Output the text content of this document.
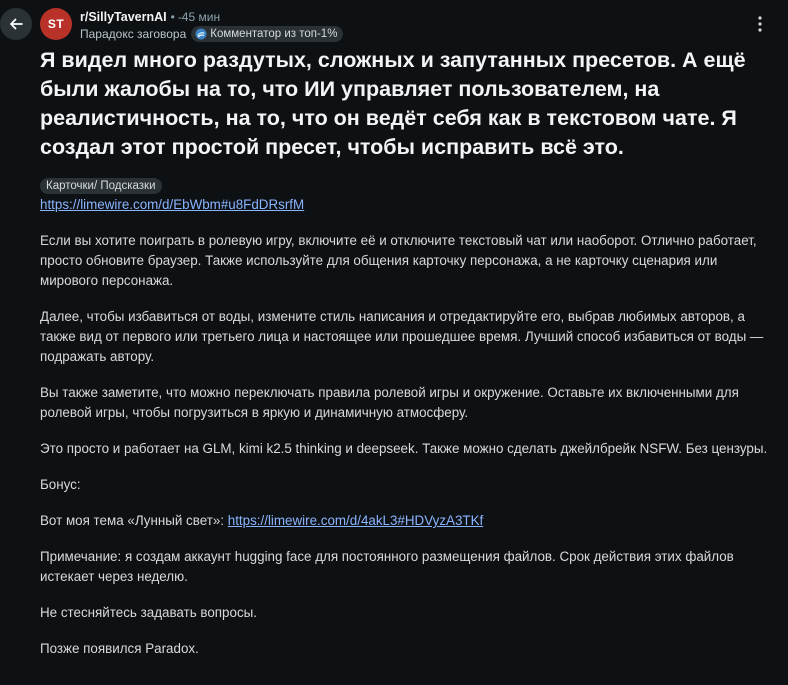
ST	r/SillyTavernAI • -45 мин
Парадокс заговора Комментатор из топ-1%
Я видел много раздутых, сложных и запутанных пресетов. А ещё были жалобы на то, что ИИ управляет пользователем, на реалистичность, на то, что он ведёт себя как в текстовом чате. Я создал этот простой пресет, чтобы исправить всё это.
Карточки/ Подсказки

https://limewire.com/d/EbWbm#u8FdDRsrfM

Если вы хотите поиграть в ролевую игру, включите её и отключите текстовый чат или наоборот. Отлично работает, просто обновите браузер. Также используйте для общения карточку персонажа, а не карточку сценария или мирового персонажа.

Далее, чтобы избавиться от воды, измените стиль написания и отредактируйте его, выбрав любимых авторов, а также вид от первого или третьего лица и настоящее или прошедшее время. Лучший способ избавиться от воды — подражать автору.

Вы также заметите, что можно переключать правила ролевой игры и окружение. Оставьте их включенными для ролевой игры, чтобы погрузиться в яркую и динамичную атмосферу.

Это просто и работает на GLM, kimi k2.5 thinking и deepseek. Также можно сделать джейлбрейк NSFW. Без цензуры.

Бонус:

Вот моя тема «Лунный свет»: https://limewire.com/d/4akL3#HDVyzA3TKf

Примечание: я создам аккаунт hugging face для постоянного размещения файлов. Срок действия этих файлов истекает через неделю.

Не стесняйтесь задавать вопросы.

Позже появился Paradox.
